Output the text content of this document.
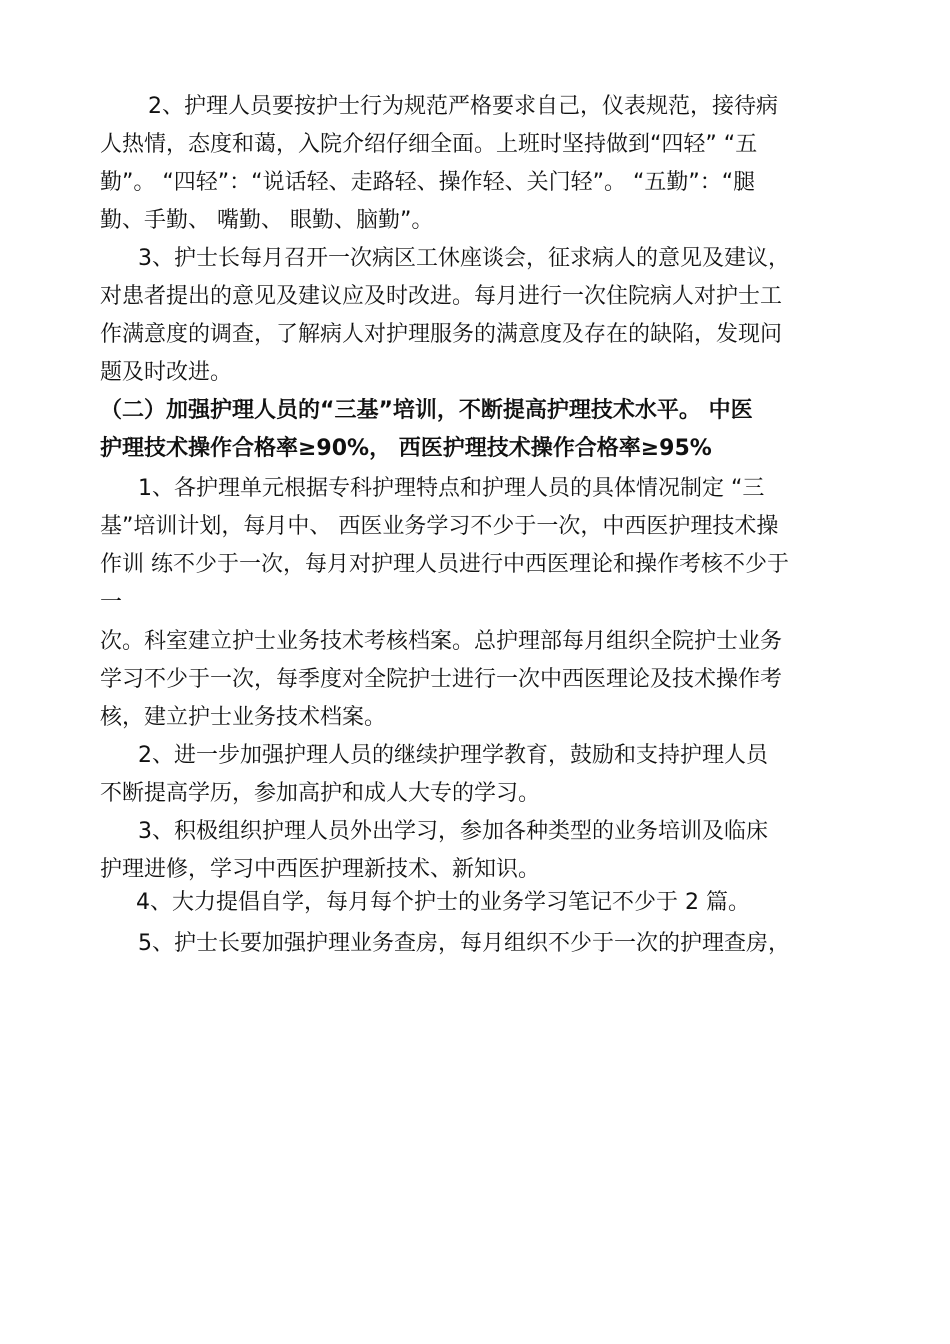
2、护理人员要按护士行为规范严格要求自己，仪表规范，接待病
人热情，态度和蔼，入院介绍仔细全面。上班时坚持做到“四轻” “五
勤”。 “四轻”：“说话轻、走路轻、操作轻、关门轻”。 “五勤”：“腿
勤、手勤、 嘴勤、 眼勤、脑勤”。
3、护士长每月召开一次病区工休座谈会，征求病人的意见及建议，
对患者提出的意见及建议应及时改进。每月进行一次住院病人对护士工
作满意度的调查，了解病人对护理服务的满意度及存在的缺陷，发现问
题及时改进。
（二）加强护理人员的“三基”培训，不断提高护理技术水平。 中医
护理技术操作合格率≥90%， 西医护理技术操作合格率≥95%
1、各护理单元根据专科护理特点和护理人员的具体情况制定 “三
基”培训计划，每月中、 西医业务学习不少于一次，中西医护理技术操
作训 练不少于一次，每月对护理人员进行中西医理论和操作考核不少于
一
次。科室建立护士业务技术考核档案。总护理部每月组织全院护士业务
学习不少于一次，每季度对全院护士进行一次中西医理论及技术操作考
核，建立护士业务技术档案。
2、进一步加强护理人员的继续护理学教育，鼓励和支持护理人员
不断提高学历，参加高护和成人大专的学习。
3、积极组织护理人员外出学习，参加各种类型的业务培训及临床
护理进修，学习中西医护理新技术、新知识。
4、大力提倡自学，每月每个护士的业务学习笔记不少于 2 篇。
5、护士长要加强护理业务查房，每月组织不少于一次的护理查房，
